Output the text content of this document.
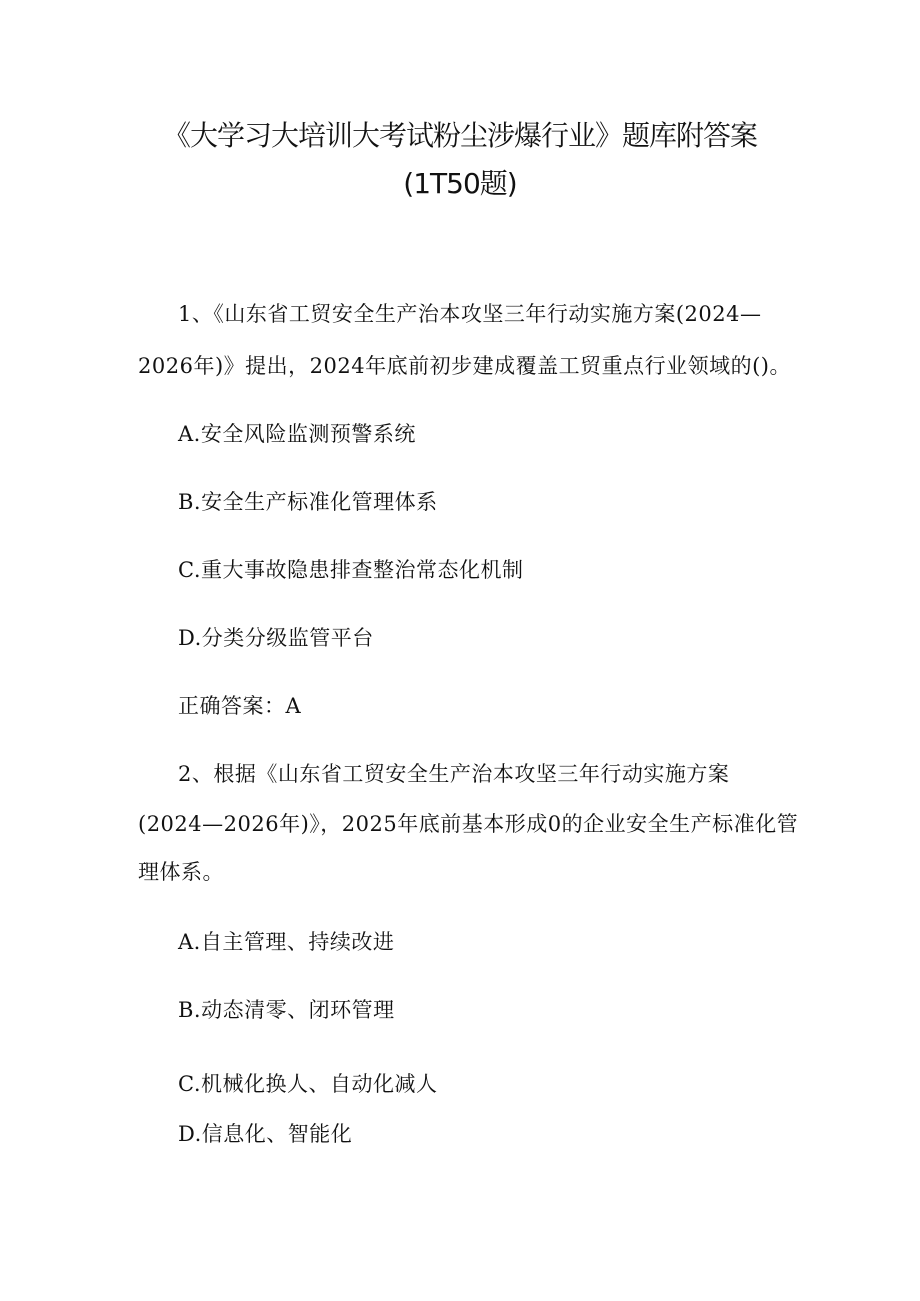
《大学习大培训大考试粉尘涉爆行业》题库附答案
(1T50题)
1、《山东省工贸安全生产治本攻坚三年行动实施方案(2024—
2026年)》提出，2024年底前初步建成覆盖工贸重点行业领域的()。
A.安全风险监测预警系统
B.安全生产标准化管理体系
C.重大事故隐患排查整治常态化机制
D.分类分级监管平台
正确答案：A
2、根据《山东省工贸安全生产治本攻坚三年行动实施方案
(2024—2026年)》，2025年底前基本形成0的企业安全生产标准化管
理体系。
A.自主管理、持续改进
B.动态清零、闭环管理
C.机械化换人、自动化减人
D.信息化、智能化
